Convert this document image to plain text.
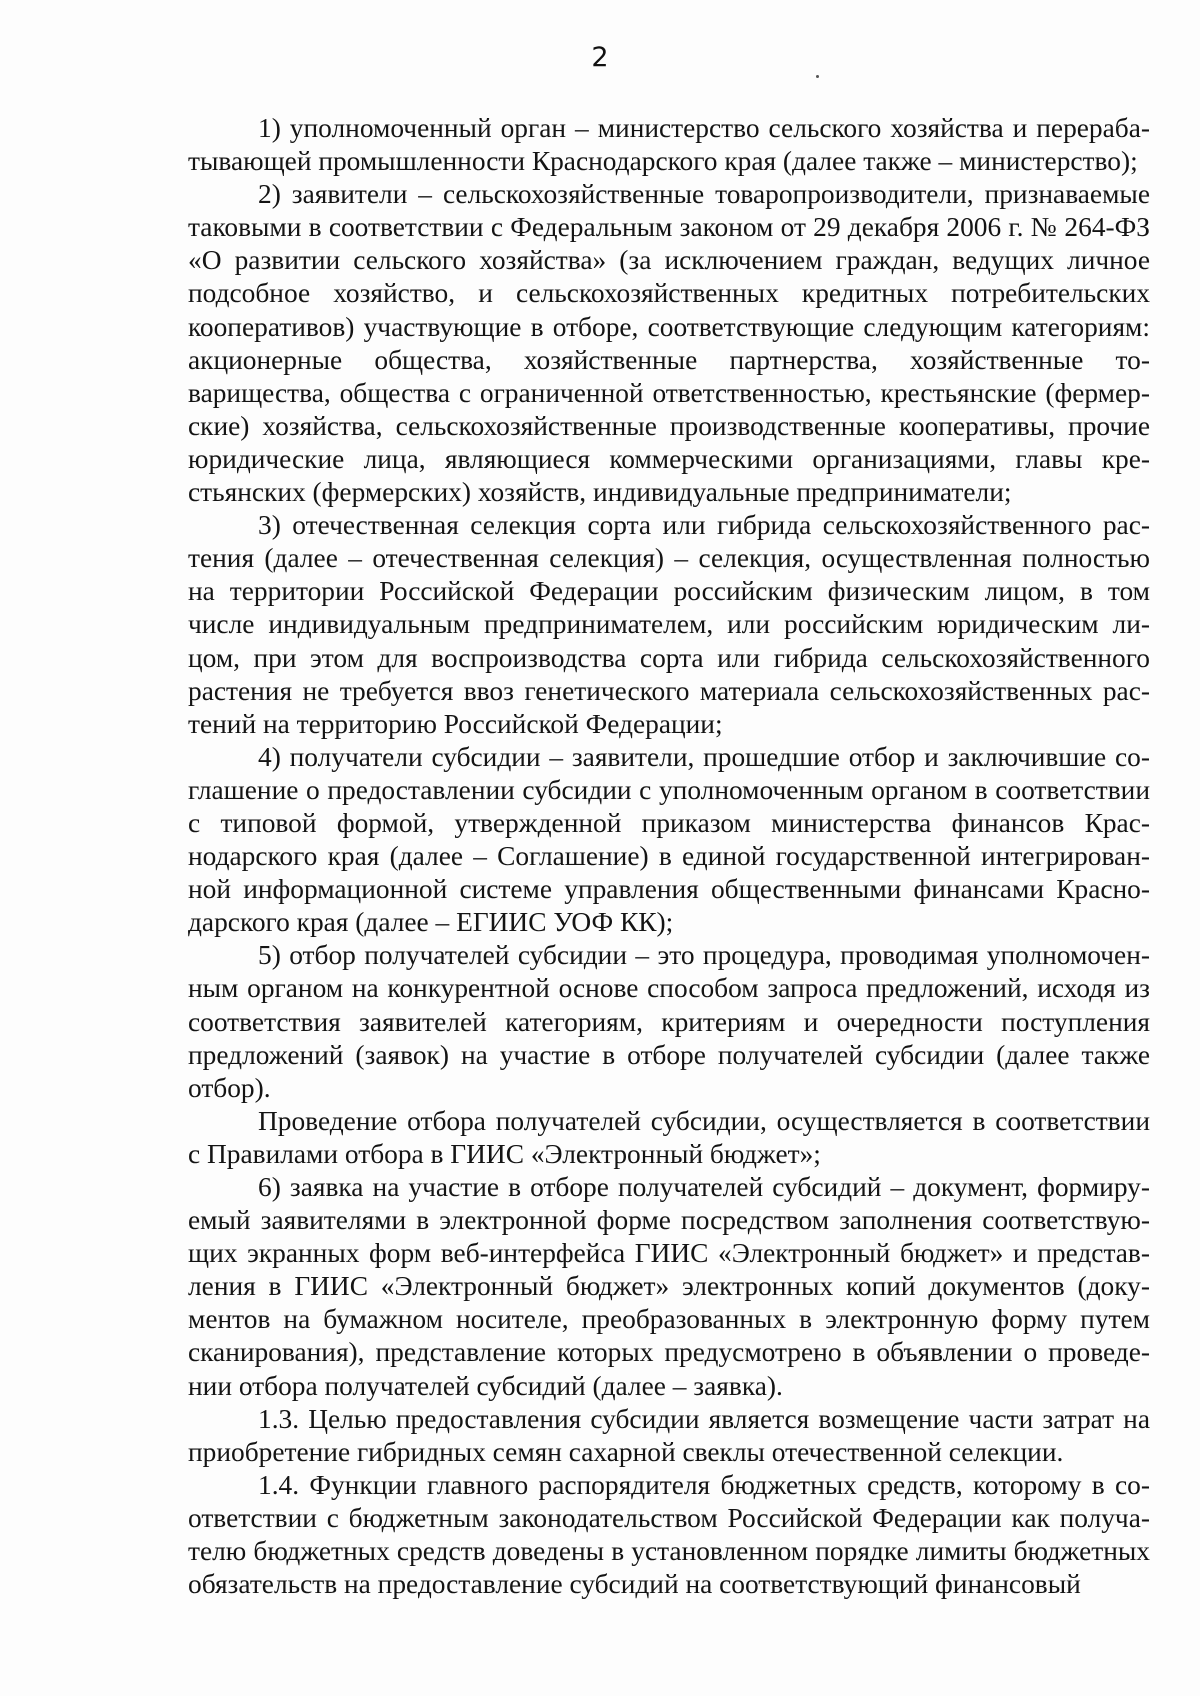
2

1) уполномоченный орган – министерство сельского хозяйства и перерабатывающей промышленности Краснодарского края (далее также – министерство);

2) заявители – сельскохозяйственные товаропроизводители, признаваемые таковыми в соответствии с Федеральным законом от 29 декабря 2006 г. № 264-ФЗ «О развитии сельского хозяйства» (за исключением граждан, ведущих личное подсобное хозяйство, и сельскохозяйственных кредитных потребительских кооперативов) участвующие в отборе, соответствующие следующим категориям: акционерные общества, хозяйственные партнерства, хозяйственные товарищества, общества с ограниченной ответственностью, крестьянские (фермерские) хозяйства, сельскохозяйственные производственные кооперативы, прочие юридические лица, являющиеся коммерческими организациями, главы крестьянских (фермерских) хозяйств, индивидуальные предприниматели;

3) отечественная селекция сорта или гибрида сельскохозяйственного растения (далее – отечественная селекция) – селекция, осуществленная полностью на территории Российской Федерации российским физическим лицом, в том числе индивидуальным предпринимателем, или российским юридическим лицом, при этом для воспроизводства сорта или гибрида сельскохозяйственного растения не требуется ввоз генетического материала сельскохозяйственных растений на территорию Российской Федерации;

4) получатели субсидии – заявители, прошедшие отбор и заключившие соглашение о предоставлении субсидии с уполномоченным органом в соответствии с типовой формой, утвержденной приказом министерства финансов Краснодарского края (далее – Соглашение) в единой государственной интегрированной информационной системе управления общественными финансами Краснодарского края (далее – ЕГИИС УОФ КК);

5) отбор получателей субсидии – это процедура, проводимая уполномоченным органом на конкурентной основе способом запроса предложений, исходя из соответствия заявителей категориям, критериям и очередности поступления предложений (заявок) на участие в отборе получателей субсидии (далее также отбор).

Проведение отбора получателей субсидии, осуществляется в соответствии с Правилами отбора в ГИИС «Электронный бюджет»;

6) заявка на участие в отборе получателей субсидий – документ, формируемый заявителями в электронной форме посредством заполнения соответствующих экранных форм веб-интерфейса ГИИС «Электронный бюджет» и представления в ГИИС «Электронный бюджет» электронных копий документов (документов на бумажном носителе, преобразованных в электронную форму путем сканирования), представление которых предусмотрено в объявлении о проведении отбора получателей субсидий (далее – заявка).

1.3. Целью предоставления субсидии является возмещение части затрат на приобретение гибридных семян сахарной свеклы отечественной селекции.

1.4. Функции главного распорядителя бюджетных средств, которому в соответствии с бюджетным законодательством Российской Федерации как получателю бюджетных средств доведены в установленном порядке лимиты бюджетных обязательств на предоставление субсидий на соответствующий финансовый
